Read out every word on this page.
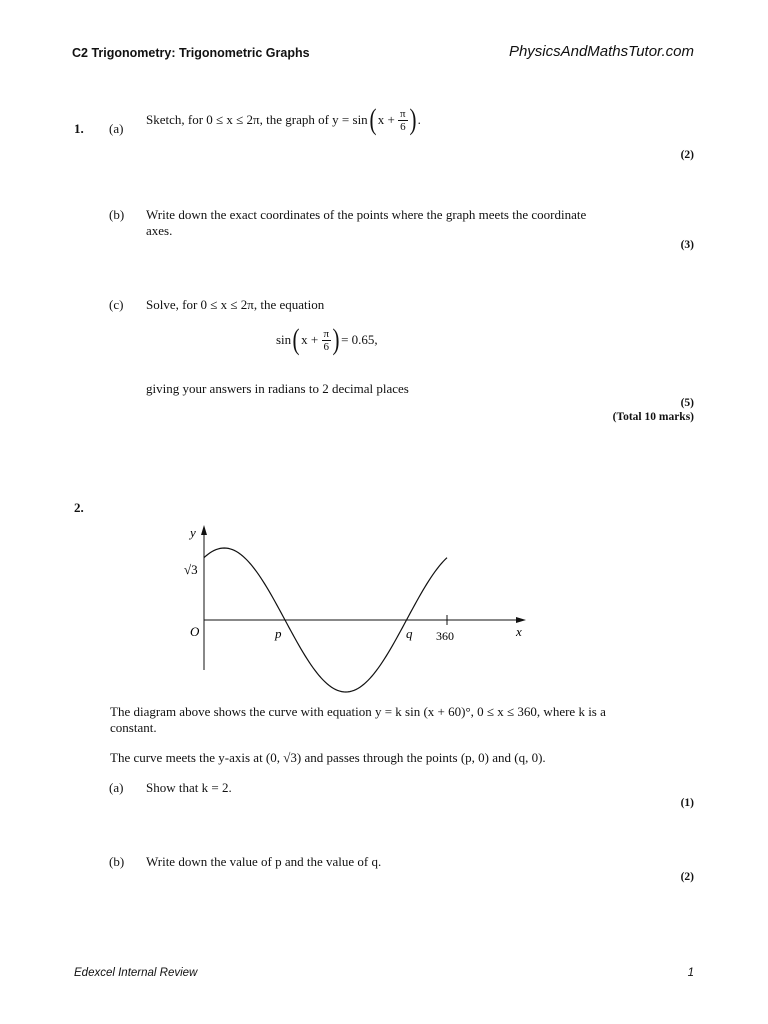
C2 Trigonometry: Trigonometric Graphs	PhysicsAndMathsTutor.com
1. (a)
Sketch, for 0 ≤ x ≤ 2π, the graph of y = sin( $x + \frac{\pi}{6}$ ) .
(2)
(b) Write down the exact coordinates of the points where the graph meets the coordinate
axes.
(3)
(c) Solve, for 0 ≤ x ≤ 2π, the equation
sin( $x + \frac{\pi}{6}$ ) = 0.65,
giving your answers in radians to 2 decimal places
(5)
(Total 10 marks)
2.
y
x
O
√3
p	q 360
The diagram above shows the curve with equation y = k sin (x + 60)°, 0 ≤ x ≤ 360, where k is a
constant.
The curve meets the y-axis at (0, √3) and passes through the points (p, 0) and (q, 0).
(a) Show that k = 2.
(1)
(b) Write down the value of p and the value of q.
(2)
Edexcel Internal Review	1
